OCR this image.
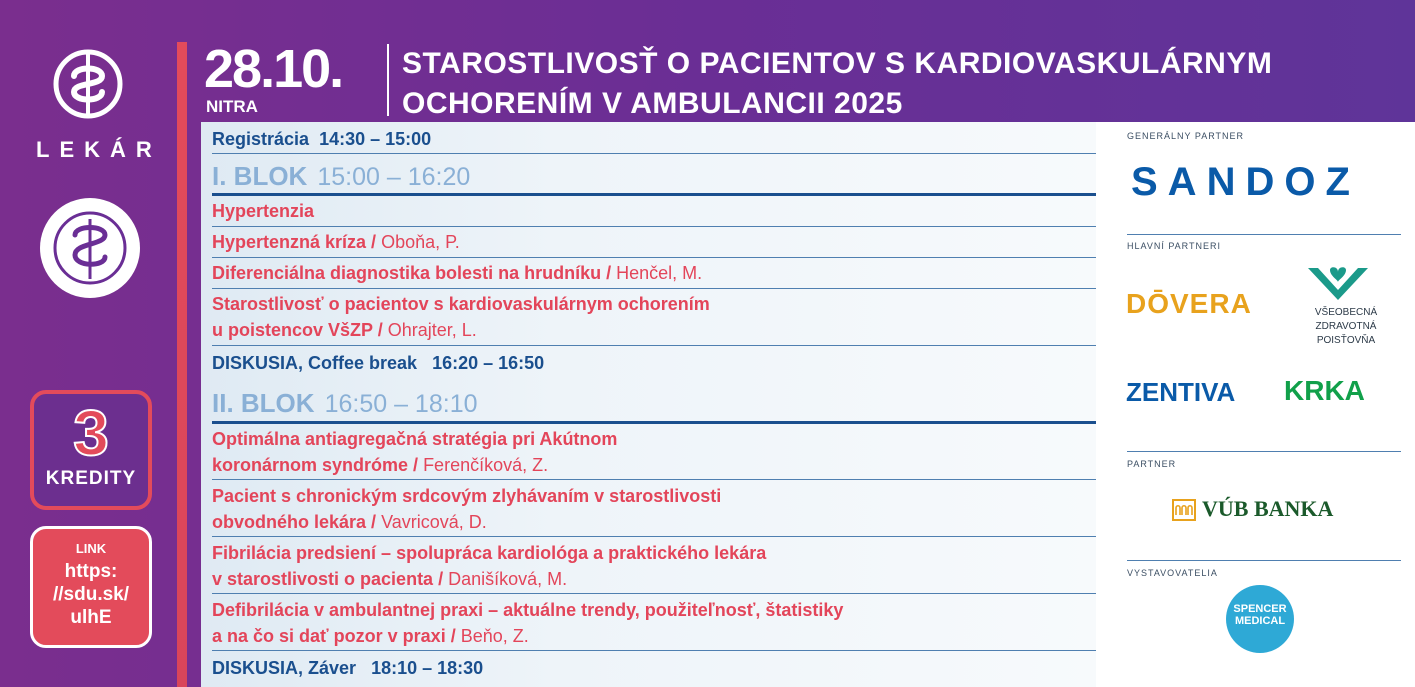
LEKÁR
3
KREDITY
LINK
https:
//sdu.sk/
ulhE
28.10.
NITRA
STAROSTLIVOSŤ O PACIENTOV S KARDIOVASKULÁRNYM
OCHORENÍM V AMBULANCII 2025
Registrácia 14:30 – 15:00
I. BLOK 15:00 – 16:20
Hypertenzia
Hypertenzná kríza / Oboňa, P.
Diferenciálna diagnostika bolesti na hrudníku / Henčel, M.
Starostlivosť o pacientov s kardiovaskulárnym ochorením
u poistencov VšZP / Ohrajter, L.
DISKUSIA, Coffee break 16:20 – 16:50
II. BLOK 16:50 – 18:10
Optimálna antiagregačná stratégia pri Akútnom
koronárnom syndróme / Ferenčíková, Z.
Pacient s chronickým srdcovým zlyhávaním v starostlivosti
obvodného lekára / Vavricová, D.
Fibrilácia predsiení – spolupráca kardiológa a praktického lekára
v starostlivosti o pacienta / Danišíková, M.
Defibrilácia v ambulantnej praxi – aktuálne trendy, použiteľnosť, štatistiky
a na čo si dať pozor v praxi / Beňo, Z.
DISKUSIA, Záver 18:10 – 18:30
GENERÁLNY PARTNER
SANDOZ
HLAVNÍ PARTNERI
DŌVERA	VŠEOBECNÁ
ZDRAVOTNÁ
POISŤOVŇA
ZENTIVA KRKA
PARTNER
VÚB BANKA
VYSTAVOVATELIA
SPENCER
MEDICAL
